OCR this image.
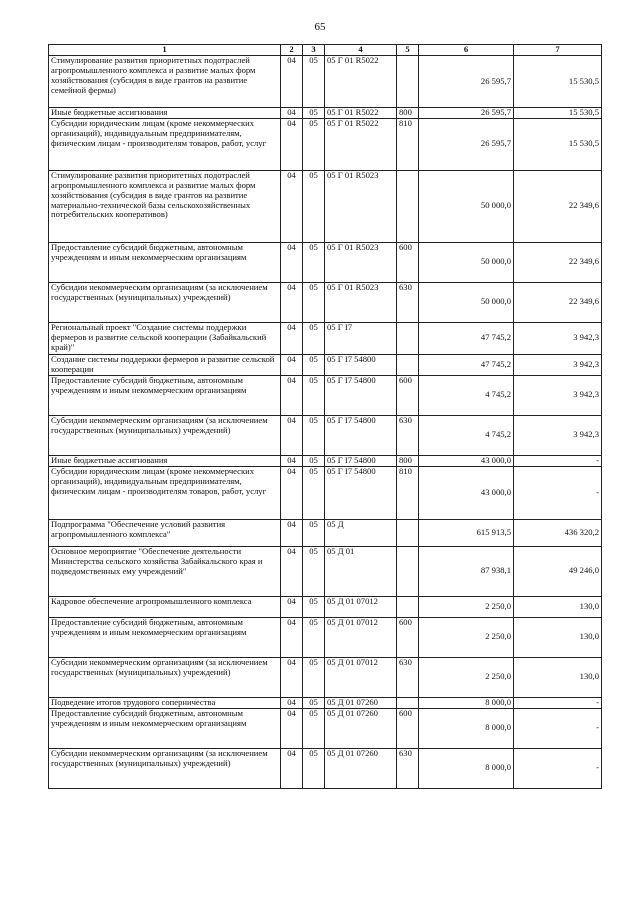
65
1	2	3	4	5	6	7
Стимулирование развития приоритетных подотраслей агропромышленного комплекса и развитие малых форм хозяйствования (субсидия в виде грантов на развитие семейной фермы)	04	05	05 Г 01 R5022		26 595,7	15 530,5
Иные бюджетные ассигнования	04	05	05 Г 01 R5022	800	26 595,7	15 530,5
Субсидии юридическим лицам (кроме некоммерческих организаций), индивидуальным предпринимателям, физическим лицам - производителям товаров, работ, услуг	04	05	05 Г 01 R5022	810	26 595,7	15 530,5
Стимулирование развития приоритетных подотраслей агропромышленного комплекса и развитие малых форм хозяйствования (субсидия в виде грантов на развитие материально-технической базы сельскохозяйственных потребительских кооперативов)	04	05	05 Г 01 R5023		50 000,0	22 349,6
Предоставление субсидий бюджетным, автономным учреждениям и иным некоммерческим организациям	04	05	05 Г 01 R5023	600	50 000,0	22 349,6
Субсидии некоммерческим организациям (за исключением государственных (муниципальных) учреждений)	04	05	05 Г 01 R5023	630	50 000,0	22 349,6
Региональный проект "Создание системы поддержки фермеров и развитие сельской кооперации (Забайкальский край)"	04	05	05 Г I7		47 745,2	3 942,3
Создание системы поддержки фермеров и развитие сельской кооперации	04	05	05 Г I7 54800		47 745,2	3 942,3
Предоставление субсидий бюджетным, автономным учреждениям и иным некоммерческим организациям	04	05	05 Г I7 54800	600	4 745,2	3 942,3
Субсидии некоммерческим организациям (за исключением государственных (муниципальных) учреждений)	04	05	05 Г I7 54800	630	4 745,2	3 942,3
Иные бюджетные ассигнования	04	05	05 Г I7 54800	800	43 000,0	-
Субсидии юридическим лицам (кроме некоммерческих организаций), индивидуальным предпринимателям, физическим лицам - производителям товаров, работ, услуг	04	05	05 Г I7 54800	810	43 000,0	-
Подпрограмма "Обеспечение условий развития агропромышленного комплекса"	04	05	05 Д		615 913,5	436 320,2
Основное мероприятие "Обеспечение деятельности Министерства сельского хозяйства Забайкальского края и подведомственных ему учреждений"	04	05	05 Д 01		87 938,1	49 246,0
Кадровое обеспечение агропромышленного комплекса	04	05	05 Д 01 07012		2 250,0	130,0
Предоставление субсидий бюджетным, автономным учреждениям и иным некоммерческим организациям	04	05	05 Д 01 07012	600	2 250,0	130,0
Субсидии некоммерческим организациям (за исключением государственных (муниципальных) учреждений)	04	05	05 Д 01 07012	630	2 250,0	130,0
Подведение итогов трудового соперничества	04	05	05 Д 01 07260		8 000,0	-
Предоставление субсидий бюджетным, автономным учреждениям и иным некоммерческим организациям	04	05	05 Д 01 07260	600	8 000,0	-
Субсидии некоммерческим организациям (за исключением государственных (муниципальных) учреждений)	04	05	05 Д 01 07260	630	8 000,0	-
